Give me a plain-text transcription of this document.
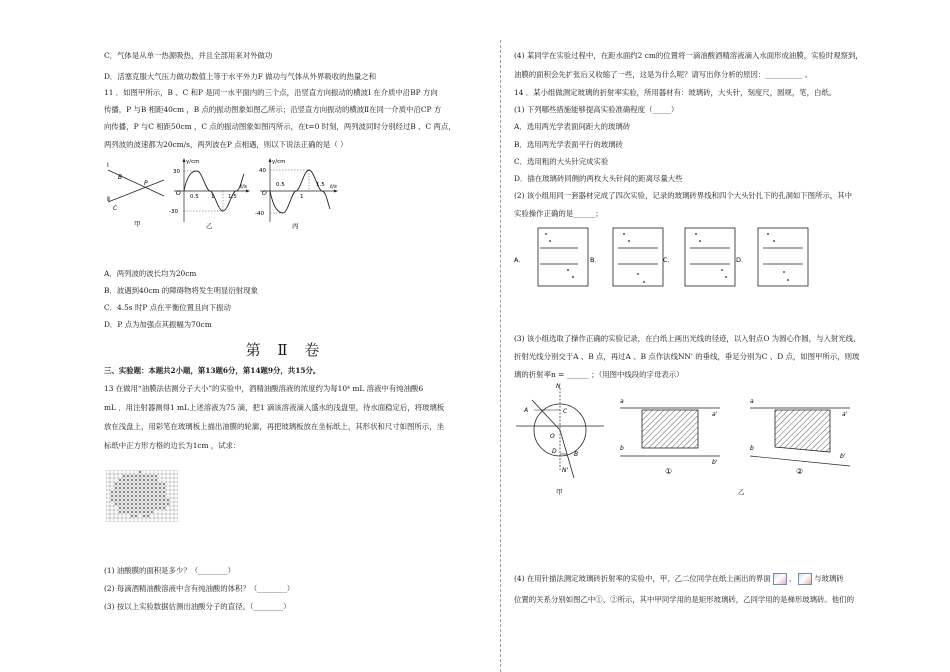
C．气体是从单一热源吸热，并且全部用来对外做功
D．活塞克服大气压力做功数值上等于水平外力F 做功与气体从外界吸收的热量之和
11 ．如图甲所示，B 、C 和P 是同一水平面内的三个点，沿竖直方向振动的横波Ⅰ 在介质中沿BP 方向
传播，P 与B 相距40cm ，B 点的振动图象如图乙所示；沿竖直方向振动的横波Ⅱ在同一介质中沿CP 方
向传播，P 与C 相距50cm ，C 点的振动图象如图丙所示，在t=0 时刻，两列波同时分别经过B 、C 两点，
两列波的波速都为20cm/s，两列波在P 点相遇，则以下说法正确的是（ ）
Ⅰ
B
P
Ⅱ
C
甲
y/cm
t/s
30
-30
O 0.5 1 1.5
乙
y/cm
t/s
40
-40
O
0.5
1
1.5
丙
A．两列波的波长均为20cm
B．波遇到40cm 的障碍物将发生明显衍射现象
C．4.5s 时P 点在平衡位置且向下振动
D．P 点为加强点其振幅为70cm
第 Ⅱ 卷
三、实验题：本题共2小题，第13题6分，第14题9分，共15分。
13 在做用“油膜法估测分子大小”的实验中，酒精油酸溶液的浓度约为每10⁴ mL 溶液中有纯油酸6
mL ．用注射器测得1 mL上述溶液为75 滴，把1 滴该溶液滴入盛水的浅盘里，待水面稳定后，将玻璃板
放在浅盘上，用彩笔在玻璃板上描出油膜的轮廓，再把玻璃板放在坐标纸上，其形状和尺寸如图所示，坐
标纸中正方形方格的边长为1cm ，试求：
(1) 油酸膜的面积是多少？（________）
(2) 每滴酒精油酸溶液中含有纯油酸的体积？（________）
(3) 按以上实验数据估测出油酸分子的直径。（________）
(4) 某同学在实验过程中，在距水面约2 cm的位置将一滴油酸酒精溶液滴入水面形成油膜，实验时观察到，
油膜的面积会先扩张后又收缩了一些，这是为什么呢？请写出你分析的原因：__________ 。
14 ．某小组做测定玻璃的折射率实验，所用器材有：玻璃砖，大头针，刻度尺，圆规，笔，白纸。
(1) 下列哪些措施能够提高实验准确程度（_____）
A．选用两光学表面间距大的玻璃砖
B．选用两光学表面平行的玻璃砖
C．选用粗的大头针完成实验
D．插在玻璃砖同侧的两枚大头针间的距离尽量大些
(2) 该小组用同一套器材完成了四次实验，记录的玻璃砖界线和四个大头针扎下的孔洞如下图所示，其中
实验操作正确的是______；
A．	B．	C．	D．
(3) 该小组选取了操作正确的实验记录，在白纸上画出光线的径迹，以入射点O 为圆心作圆，与入射光线、
折射光线分别交于A 、B 点，再过A 、B 点作法线NN' 的垂线，垂足分别为C 、D 点，如图甲所示，则玻
璃的折射率n = ______ ；（用图中线段的字母表示）
N
A	C
O
D	B
N'
甲
a
a'
b
b'
①
a
a'
b
b'
②
乙
(4) 在用针描法测定玻璃砖折射率的实验中，甲、乙二位同学在纸上画出的界面 、 与玻璃砖
位置的关系分别如图乙中①、②所示，其中甲同学用的是矩形玻璃砖，乙同学用的是梯形玻璃砖。他们的
